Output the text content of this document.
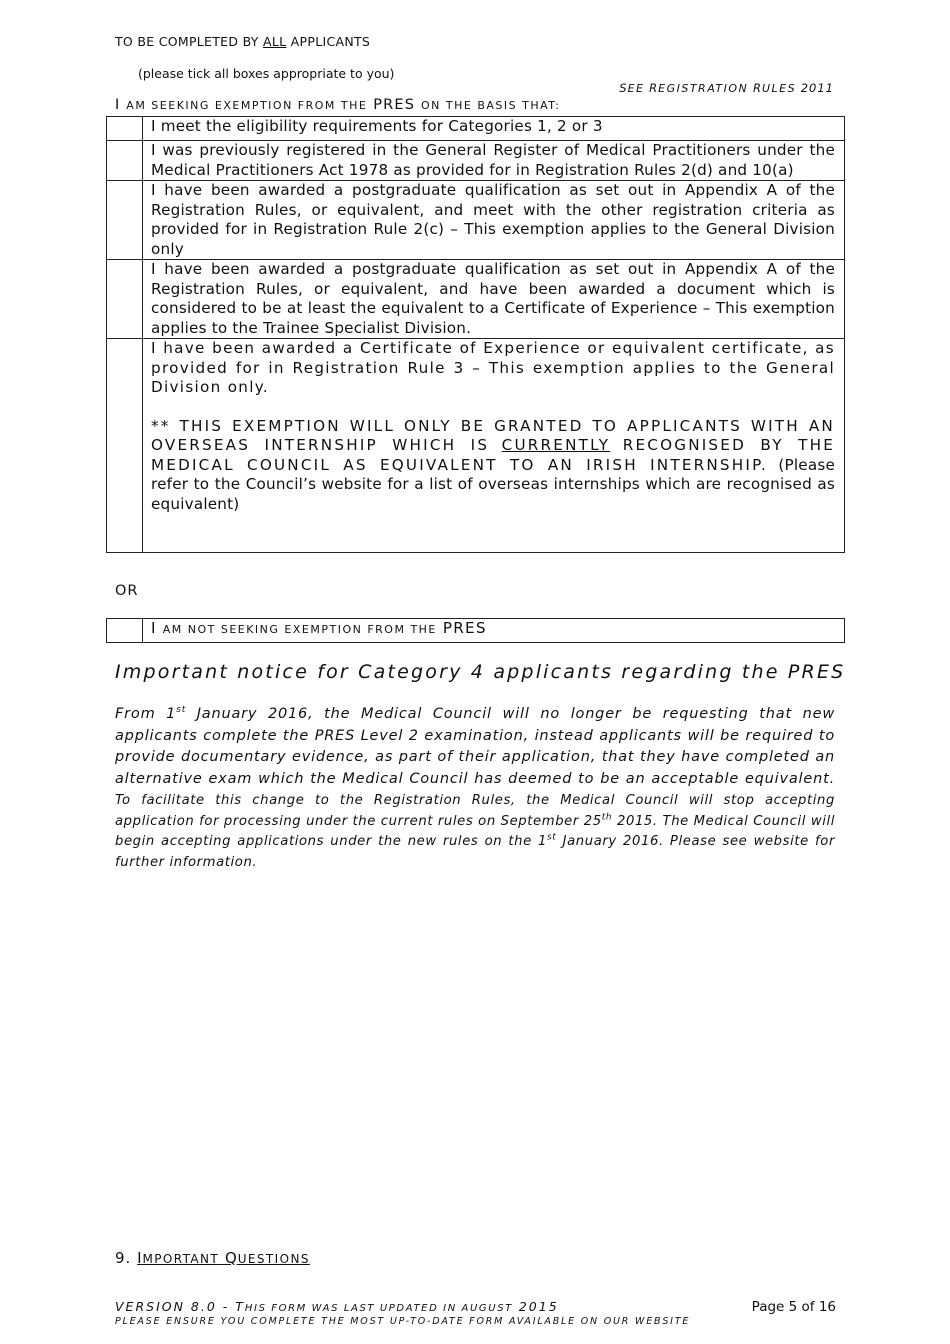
TO BE COMPLETED BY ALL APPLICANTS
(please tick all boxes appropriate to you)
SEE REGISTRATION RULES 2011
I AM SEEKING EXEMPTION FROM THE PRES ON THE BASIS THAT:
	I meet the eligibility requirements for Categories 1, 2 or 3
	I was previously registered in the General Register of Medical Practitioners under the Medical Practitioners Act 1978 as provided for in Registration Rules 2(d) and 10(a)
	I have been awarded a postgraduate qualification as set out in Appendix A of the Registration Rules, or equivalent, and meet with the other registration criteria as provided for in Registration Rule 2(c) – This exemption applies to the General Division only
	I have been awarded a postgraduate qualification as set out in Appendix A of the Registration Rules, or equivalent, and have been awarded a document which is considered to be at least the equivalent to a Certificate of Experience – This exemption applies to the Trainee Specialist Division.

	I have been awarded a Certificate of Experience or equivalent certificate, as provided for in Registration Rule 3 – This exemption applies to the General Division only.
** THIS EXEMPTION WILL ONLY BE GRANTED TO APPLICANTS WITH AN OVERSEAS INTERNSHIP WHICH IS CURRENTLY RECOGNISED BY THE MEDICAL COUNCIL AS EQUIVALENT TO AN IRISH INTERNSHIP. (Please refer to the Council’s website for a list of overseas internships which are recognised as equivalent)
OR
	I AM NOT SEEKING EXEMPTION FROM THE PRES
Important notice for Category 4 applicants regarding the PRES
From 1st January 2016, the Medical Council will no longer be requesting that new applicants complete the PRES Level 2 examination, instead applicants will be required to provide documentary evidence, as part of their application, that they have completed an alternative exam which the Medical Council has deemed to be an acceptable equivalent. To facilitate this change to the Registration Rules, the Medical Council will stop accepting application for processing under the current rules on September 25th 2015. The Medical Council will begin accepting applications under the new rules on the 1st January 2016. Please see website for further information.
9. IMPORTANT QUESTIONS
VERSION 8.0 - THIS FORM WAS LAST UPDATED IN AUGUST 2015
PLEASE ENSURE YOU COMPLETE THE MOST UP-TO-DATE FORM AVAILABLE ON OUR WEBSITE
Page 5 of 16
